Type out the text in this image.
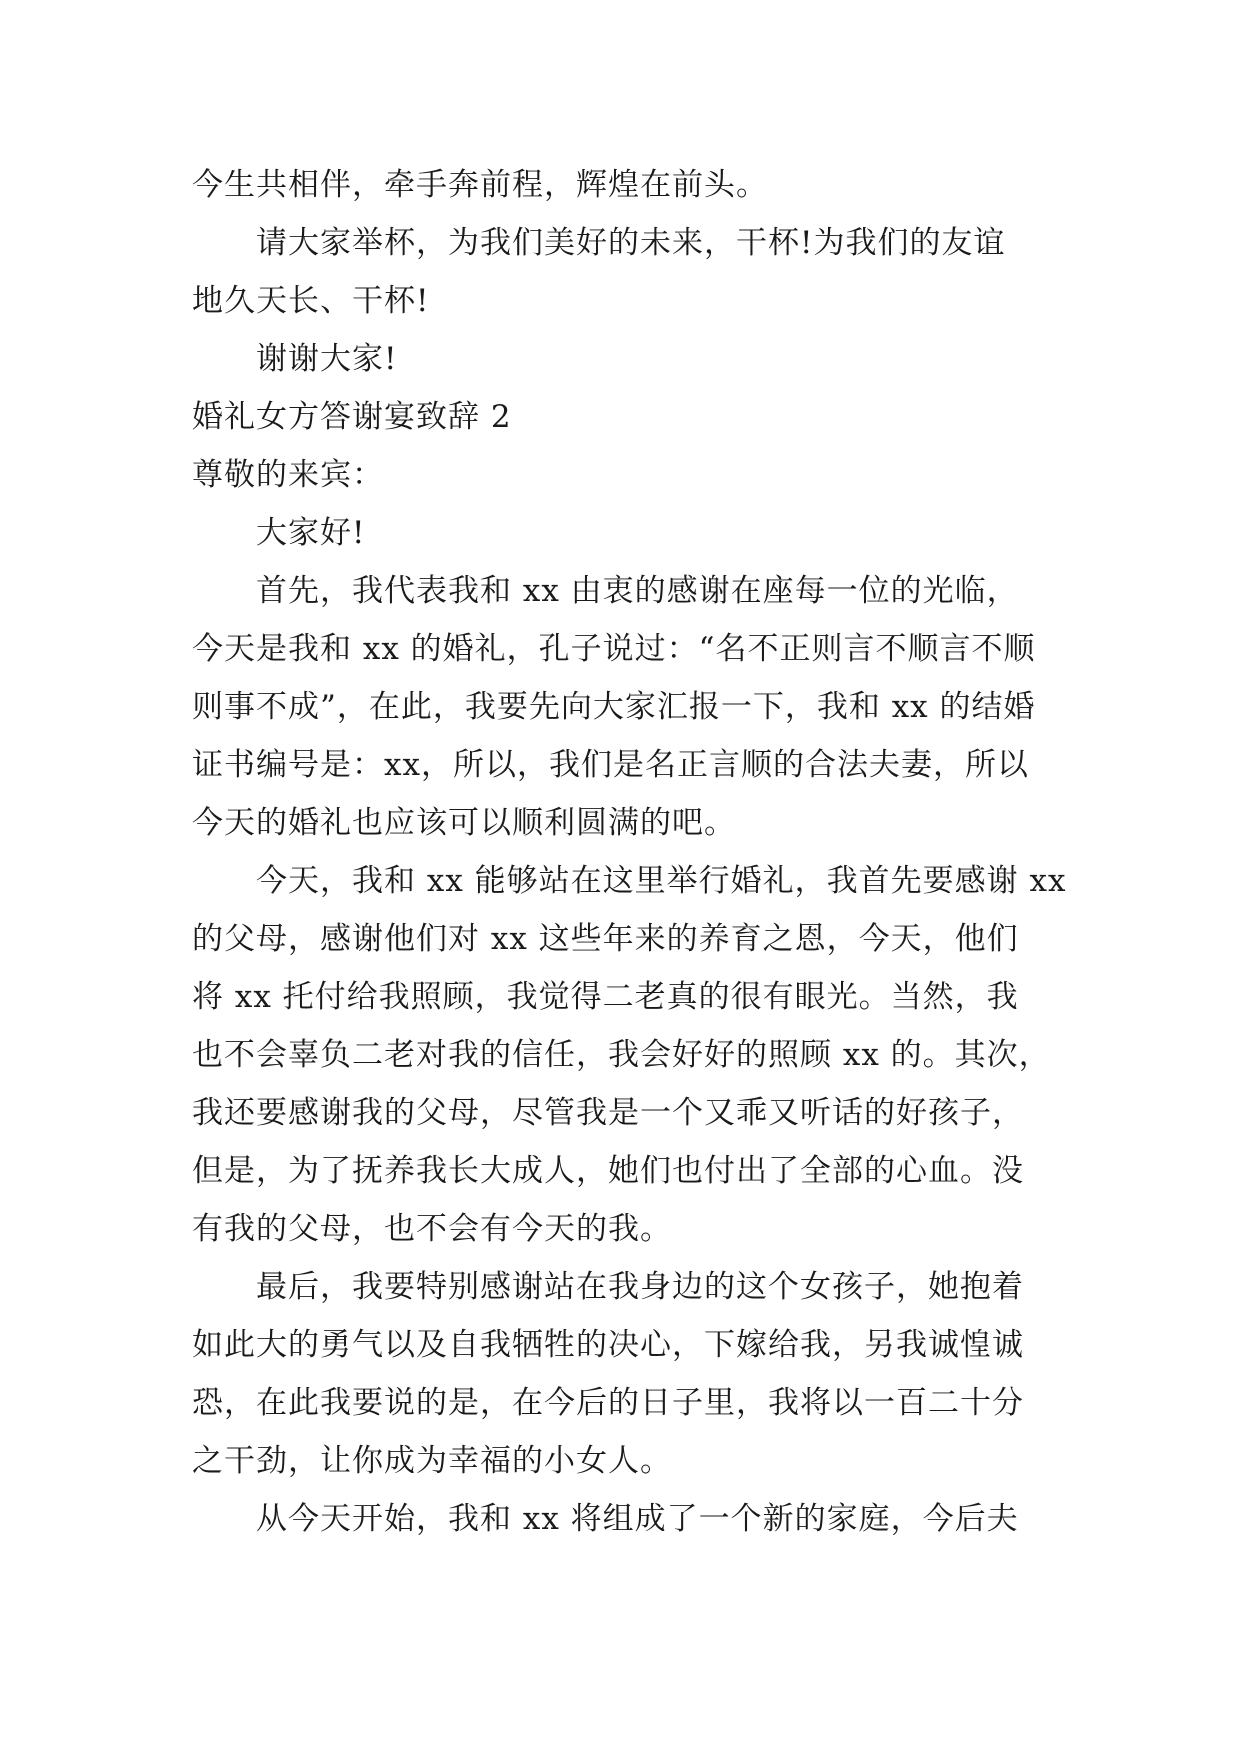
今生共相伴，牵手奔前程，辉煌在前头。

请大家举杯，为我们美好的未来，干杯!为我们的友谊

地久天长、干杯!

谢谢大家!

婚礼女方答谢宴致辞 2

尊敬的来宾：

大家好!

首先，我代表我和 xx 由衷的感谢在座每一位的光临，

今天是我和 xx 的婚礼，孔子说过：“名不正则言不顺言不顺

则事不成”，在此，我要先向大家汇报一下，我和 xx 的结婚

证书编号是：xx，所以，我们是名正言顺的合法夫妻，所以

今天的婚礼也应该可以顺利圆满的吧。

今天，我和 xx 能够站在这里举行婚礼，我首先要感谢 xx

的父母，感谢他们对 xx 这些年来的养育之恩，今天，他们

将 xx 托付给我照顾，我觉得二老真的很有眼光。当然，我

也不会辜负二老对我的信任，我会好好的照顾 xx 的。其次，

我还要感谢我的父母，尽管我是一个又乖又听话的好孩子，

但是，为了抚养我长大成人，她们也付出了全部的心血。没

有我的父母，也不会有今天的我。

最后，我要特别感谢站在我身边的这个女孩子，她抱着

如此大的勇气以及自我牺牲的决心，下嫁给我，另我诚惶诚

恐，在此我要说的是，在今后的日子里，我将以一百二十分

之干劲，让你成为幸福的小女人。

从今天开始，我和 xx 将组成了一个新的家庭，今后夫
